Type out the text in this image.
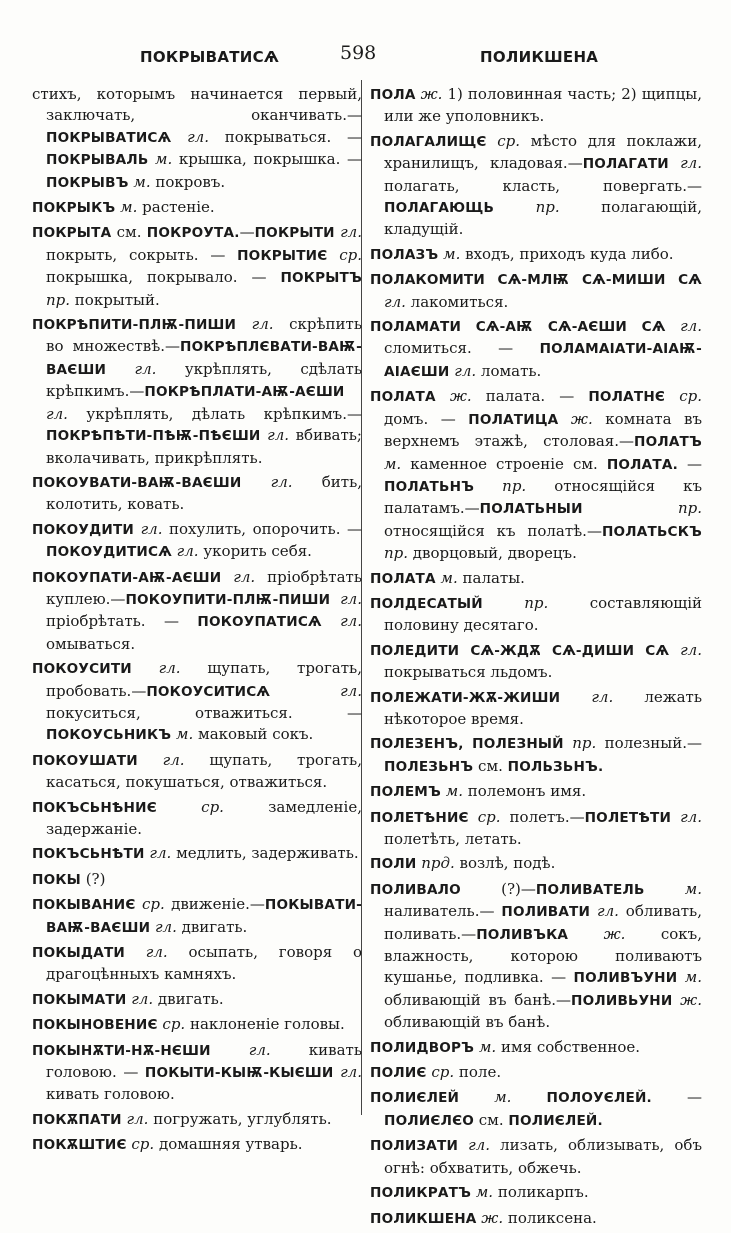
ПОКРЫВАТИСѦ	598	ПОЛИКШЕНА

стихъ, которымъ начинается первый, заключать, оканчивать.—ПОКРЫВАТИСѦ гл. покрываться. — ПОКРЫВАЛЬ м. крышка, покрышка. — ПОКРЫВЪ м. покровъ.

ПОКРЫКЪ м. растеніе.

ПОКРЫТА см. ПОКРОУТА.—ПОКРЫТИ гл. покрыть, сокрыть. — ПОКРЫТИЄ ср. покрышка, покрывало. — ПОКРЫТЪ пр. покрытый.

ПОКРѢПИТИ-ПЛѬ-ПИШИ гл. скрѣпить во множествѣ.—ПОКРѢПЛЄВАТИ-ВАѬ-ВАЄШИ гл. укрѣплять, сдѣлать крѣпкимъ.—ПОКРѢПЛАТИ-АѬ-АЄШИ гл. укрѣплять, дѣлать крѣпкимъ.—ПОКРѢПѢТИ-ПѢѬ-ПѢЄШИ гл. вбивать; вколачивать, прикрѣплять.

ПОКОУВАТИ-ВАѬ-ВАЄШИ гл. бить, колотить, ковать.

ПОКОУДИТИ гл. похулить, опорочить. —ПОКОУДИТИСѦ гл. укорить себя.

ПОКОУПАТИ-АѬ-АЄШИ гл. пріобрѣтать куплею.—ПОКОУПИТИ-ПЛѬ-ПИШИ гл. пріобрѣтать. — ПОКОУПАТИСѦ гл. омываться.

ПОКОУСИТИ гл. щупать, трогать, пробовать.—ПОКОУСИТИСѦ	гл. покуситься, отважиться. — ПОКОУСЬНИКЪ м. маковый сокъ.

ПОКОУШАТИ гл. щупать, трогать, касаться, покушаться, отважиться.

ПОКЪСЬНѢНИЄ	ср. замедленіе, задержаніе.

ПОКЪСЬНѢТИ гл. медлить, задерживать.

ПОКЫ (?)

ПОКЫВАНИЄ ср. движеніе.—ПОКЫВАТИ-ВАѬ-ВАЄШИ гл. двигать.

ПОКЫДАТИ гл. осыпать, говоря о драгоцѣнныхъ камняхъ.

ПОКЫМАТИ гл. двигать.

ПОКЫНОВЕНИЄ ср. наклоненіе головы.

ПОКЫНѪТИ-НѪ-НЄШИ	гл. кивать головою. — ПОКЫТИ-КЫѬ-КЫЄШИ гл. кивать головою.

ПОКѪПАТИ гл. погружать, углублять.

ПОКѪШТИЄ ср. домашняя утварь.

ПОЛА ж. 1) половинная часть; 2) щипцы, или же уполовникъ.

ПОЛАГАЛИЩЄ ср. мѣсто для поклажи, хранилищъ, кладовая.—ПОЛАГАТИ гл. полагать, класть, повергать.—ПОЛАГАЮЩЬ	пр. полагающій, кладущій.

ПОЛАЗЪ м. входъ, приходъ куда либо.

ПОЛАКОМИТИ СѦ-МЛѬ СѦ-МИШИ СѦ гл. лакомиться.

ПОЛАМАТИ СѦ-АѬ СѦ-АЄШИ СѦ гл. сломиться. — ПОЛАМАІАТИ-АІАѬ-АІАЄШИ гл. ломать.

ПОЛАТА ж. палата. — ПОЛАТНЄ ср. домъ. — ПОЛАТИЦА ж. комната въ верхнемъ этажѣ, столовая.—ПОЛАТЪ м. каменное строеніе см. ПОЛАТА. — ПОЛАТЬНЪ пр. относящійся къ палатамъ.—ПОЛАТЬНЫИ	пр. относящійся къ полатѣ.—ПОЛАТЬСКЪ пр. дворцовый, дворецъ.

ПОЛАТА м. палаты.

ПОЛДЕСАТЫЙ	пр. составляющій половину десятаго.

ПОЛЕДИТИ СѦ-ЖДѪ СѦ-ДИШИ СѦ гл. покрываться льдомъ.

ПОЛЕЖАТИ-ЖѪ-ЖИШИ гл. лежать нѣкоторое время.

ПОЛЕЗЕНЪ, ПОЛЕЗНЫЙ пр. полезный.— ПОЛЕЗЬНЪ см. ПОЛЬЗЬНЪ.

ПОЛЕМЪ м. полемонъ имя.

ПОЛЕТѢНИЄ ср. полетъ.—ПОЛЕТѢТИ гл. полетѣть, летать.

ПОЛИ прд. возлѣ, подѣ.

ПОЛИВАЛО (?)—ПОЛИВАТЕЛЬ	м. наливатель.— ПОЛИВАТИ гл. обливать, поливать.—ПОЛИВЪКА ж. сокъ, влажность, которою поливаютъ кушанье, подливка. — ПОЛИВЪУНИ м. обливающій въ банѣ.—ПОЛИВЬУНИ ж. обливающій въ банѣ.

ПОЛИДВОРЪ м. имя собственное.

ПОЛИЄ ср. поле.

ПОЛИЄЛЕЙ м.	ПОЛОУЄЛЕЙ. — ПОЛИЄЛЄО см. ПОЛИЄЛЕЙ.

ПОЛИЗАТИ гл. лизать, облизывать, объ огнѣ: обхватить, обжечь.

ПОЛИКРАТЪ м. поликарпъ.

ПОЛИКШЕНА ж. поликсена.
